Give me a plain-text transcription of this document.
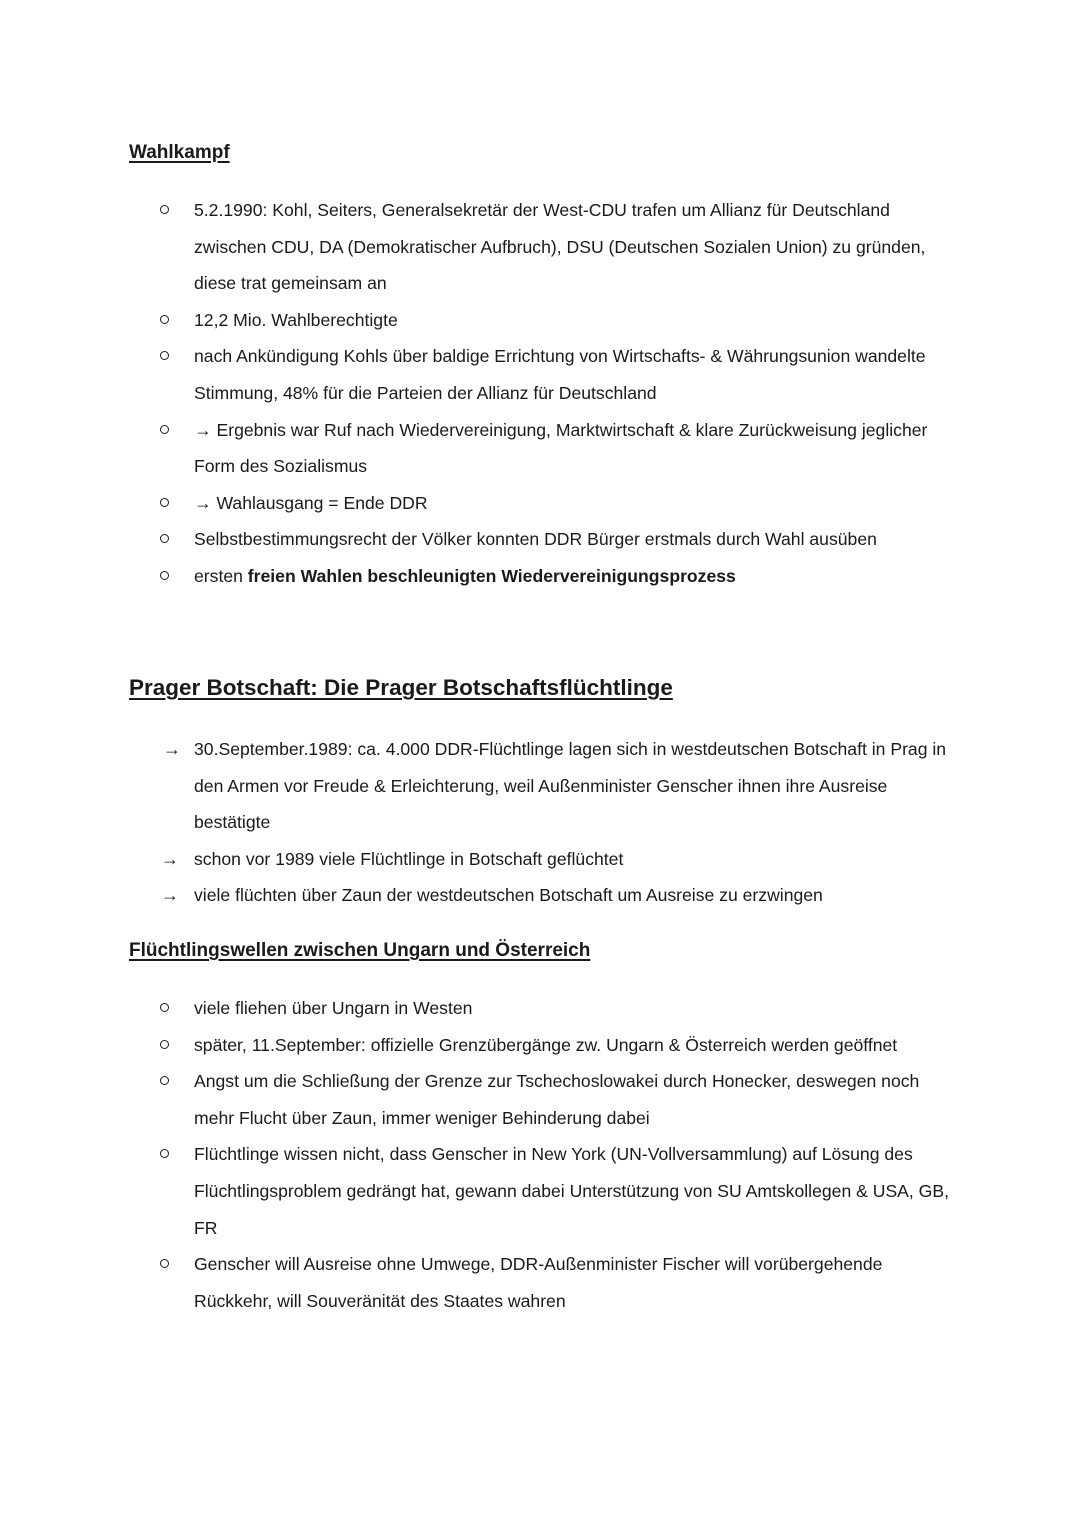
Wahlkampf
5.2.1990: Kohl, Seiters, Generalsekretär der West-CDU trafen um Allianz für Deutschland zwischen CDU, DA (Demokratischer Aufbruch), DSU (Deutschen Sozialen Union) zu gründen, diese trat gemeinsam an
12,2 Mio. Wahlberechtigte
nach Ankündigung Kohls über baldige Errichtung von Wirtschafts- & Währungsunion wandelte Stimmung, 48% für die Parteien der Allianz für Deutschland
→ Ergebnis war Ruf nach Wiedervereinigung, Marktwirtschaft & klare Zurückweisung jeglicher Form des Sozialismus
→ Wahlausgang = Ende DDR
Selbstbestimmungsrecht der Völker konnten DDR Bürger erstmals durch Wahl ausüben
ersten freien Wahlen beschleunigten Wiedervereinigungsprozess
Prager Botschaft: Die Prager Botschaftsflüchtlinge
→ 30.September.1989: ca. 4.000 DDR-Flüchtlinge lagen sich in westdeutschen Botschaft in Prag in den Armen vor Freude & Erleichterung, weil Außenminister Genscher ihnen ihre Ausreise bestätigte
→ schon vor 1989 viele Flüchtlinge in Botschaft geflüchtet
→ viele flüchten über Zaun der westdeutschen Botschaft um Ausreise zu erzwingen
Flüchtlingswellen zwischen Ungarn und Österreich
viele fliehen über Ungarn in Westen
später, 11.September: offizielle Grenzübergänge zw. Ungarn & Österreich werden geöffnet
Angst um die Schließung der Grenze zur Tschechoslowakei durch Honecker, deswegen noch mehr Flucht über Zaun, immer weniger Behinderung dabei
Flüchtlinge wissen nicht, dass Genscher in New York (UN-Vollversammlung) auf Lösung des Flüchtlingsproblem gedrängt hat, gewann dabei Unterstützung von SU Amtskollegen & USA, GB, FR
Genscher will Ausreise ohne Umwege, DDR-Außenminister Fischer will vorübergehende Rückkehr, will Souveränität des Staates wahren
